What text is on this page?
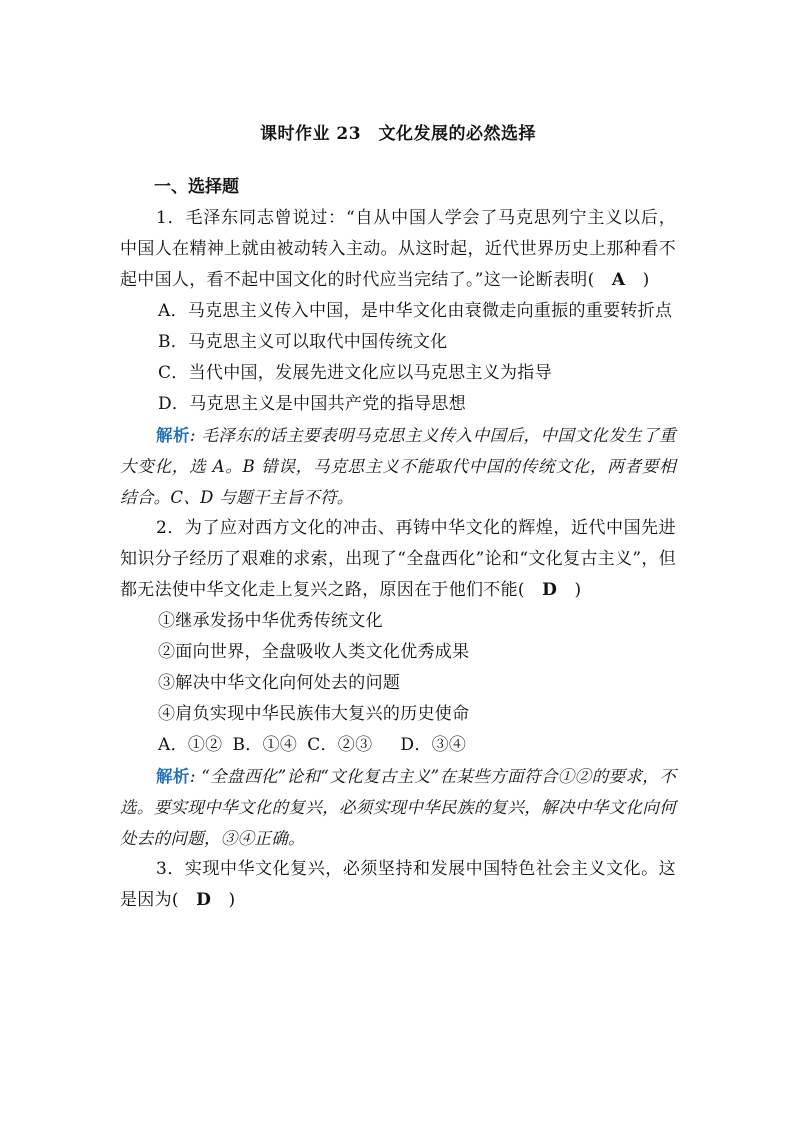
课时作业 23　文化发展的必然选择
一、选择题
1．毛泽东同志曾说过：“自从中国人学会了马克思列宁主义以后，中国人在精神上就由被动转入主动。从这时起，近代世界历史上那种看不起中国人，看不起中国文化的时代应当完结了。”这一论断表明(　A　)
A．马克思主义传入中国，是中华文化由衰微走向重振的重要转折点
B．马克思主义可以取代中国传统文化
C．当代中国，发展先进文化应以马克思主义为指导
D．马克思主义是中国共产党的指导思想
解析: 毛泽东的话主要表明马克思主义传入中国后，中国文化发生了重大变化，选 A。B 错误，马克思主义不能取代中国的传统文化，两者要相结合。C、D 与题干主旨不符。
2．为了应对西方文化的冲击、再铸中华文化的辉煌，近代中国先进知识分子经历了艰难的求索，出现了“全盘西化”论和“文化复古主义”，但都无法使中华文化走上复兴之路，原因在于他们不能(　D　)
①继承发扬中华优秀传统文化
②面向世界，全盘吸收人类文化优秀成果
③解决中华文化向何处去的问题
④肩负实现中华民族伟大复兴的历史使命
A．①② B．①④ C．②③ D．③④
解析: “全盘西化”论和“文化复古主义”在某些方面符合①②的要求，不选。要实现中华文化的复兴，必须实现中华民族的复兴，解决中华文化向何处去的问题，③④正确。
3．实现中华文化复兴，必须坚持和发展中国特色社会主义文化。这是因为(　D　)
